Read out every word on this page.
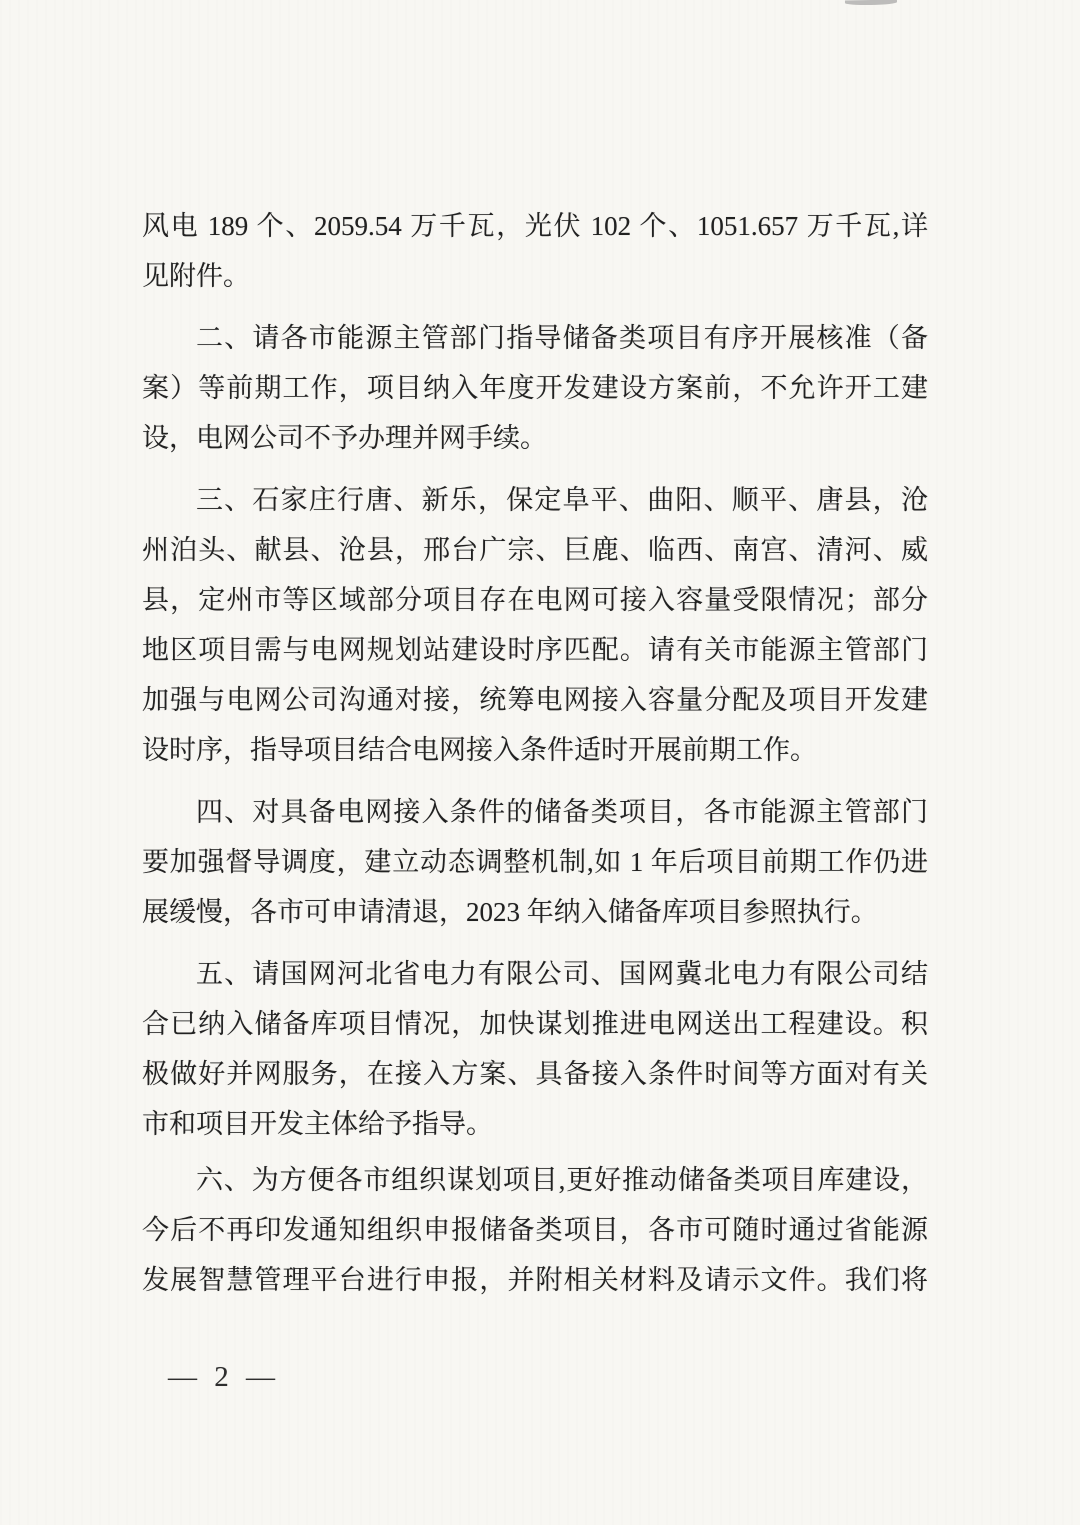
风电 189 个、2059.54 万千瓦，光伏 102 个、1051.657 万千瓦,详
见附件。

二、请各市能源主管部门指导储备类项目有序开展核准（备
案）等前期工作，项目纳入年度开发建设方案前，不允许开工建
设，电网公司不予办理并网手续。

三、石家庄行唐、新乐，保定阜平、曲阳、顺平、唐县，沧
州泊头、献县、沧县，邢台广宗、巨鹿、临西、南宫、清河、威
县，定州市等区域部分项目存在电网可接入容量受限情况；部分
地区项目需与电网规划站建设时序匹配。请有关市能源主管部门
加强与电网公司沟通对接，统筹电网接入容量分配及项目开发建
设时序，指导项目结合电网接入条件适时开展前期工作。

四、对具备电网接入条件的储备类项目，各市能源主管部门
要加强督导调度，建立动态调整机制,如 1 年后项目前期工作仍进
展缓慢，各市可申请清退，2023 年纳入储备库项目参照执行。

五、请国网河北省电力有限公司、国网冀北电力有限公司结
合已纳入储备库项目情况，加快谋划推进电网送出工程建设。积
极做好并网服务，在接入方案、具备接入条件时间等方面对有关
市和项目开发主体给予指导。

六、为方便各市组织谋划项目,更好推动储备类项目库建设，
今后不再印发通知组织申报储备类项目，各市可随时通过省能源
发展智慧管理平台进行申报，并附相关材料及请示文件。我们将

— 2 —
